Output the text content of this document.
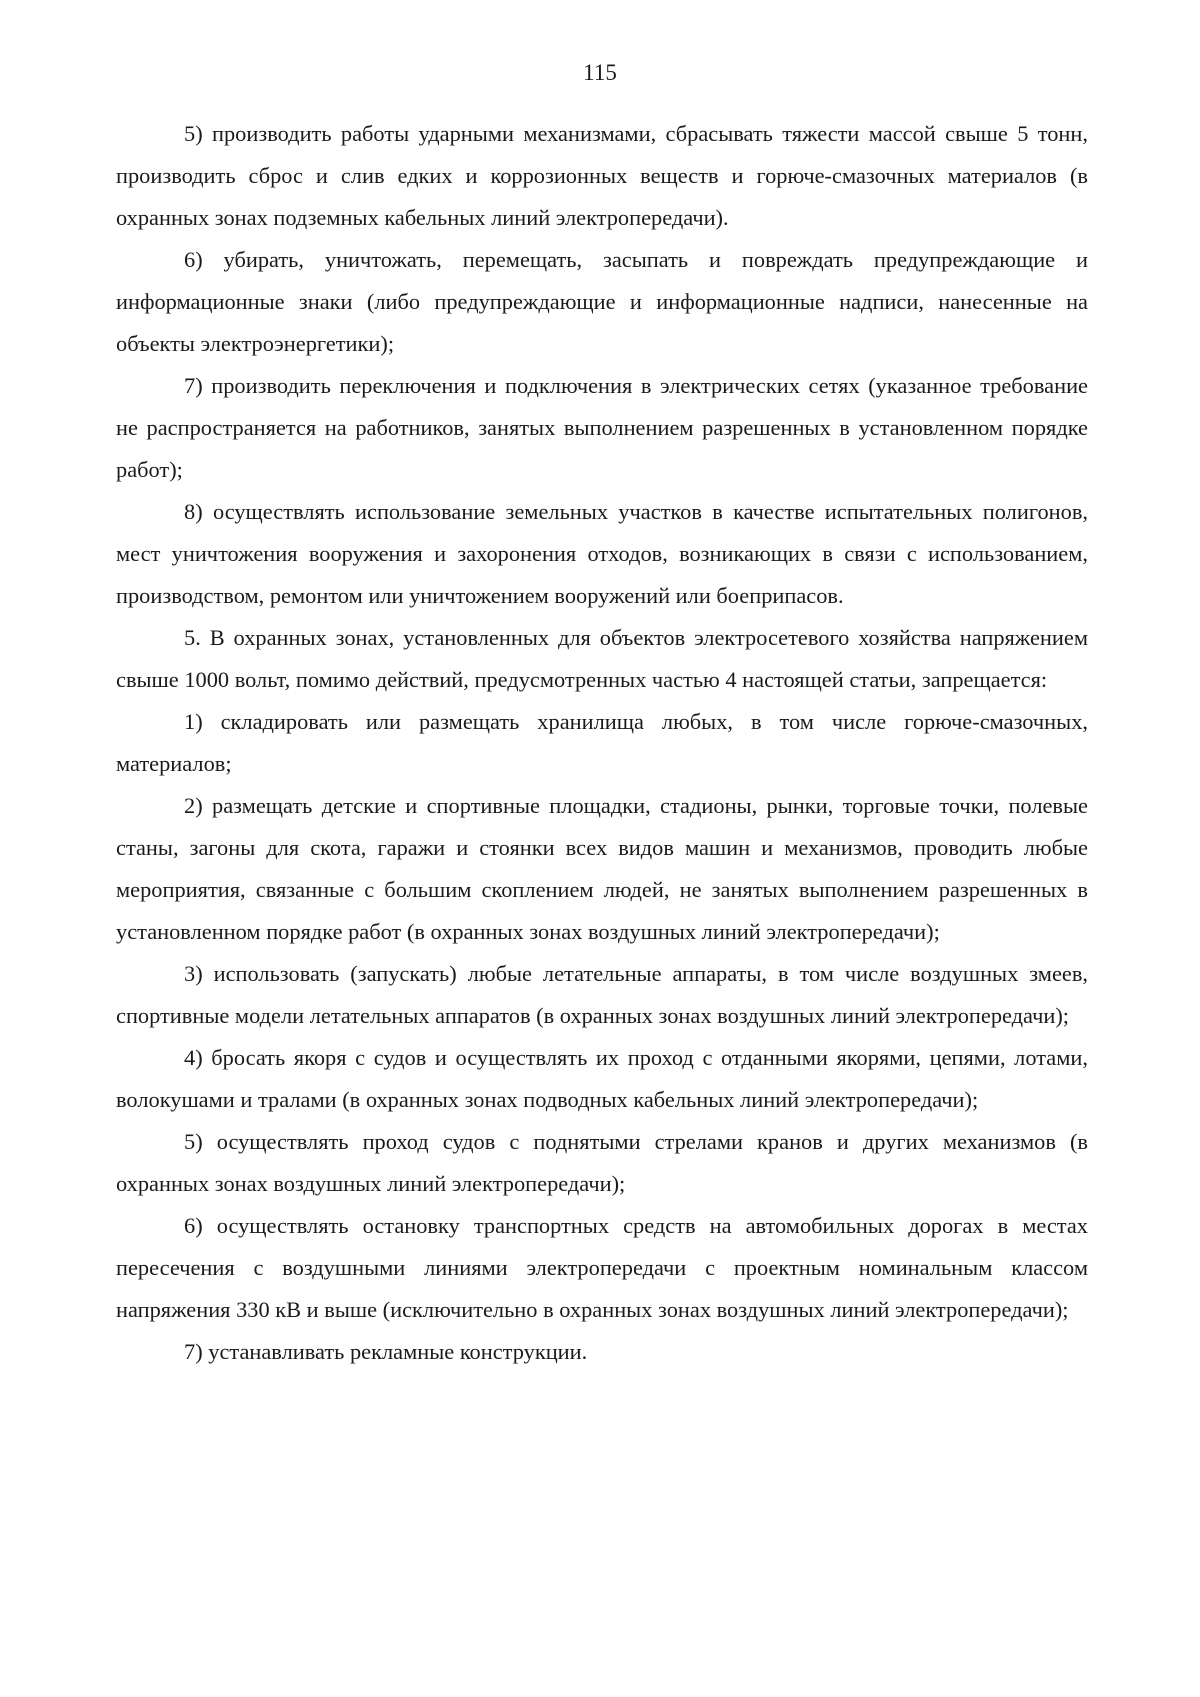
115

5) производить работы ударными механизмами, сбрасывать тяжести массой свыше 5 тонн, производить сброс и слив едких и коррозионных веществ и горюче-смазочных материалов (в охранных зонах подземных кабельных линий электропередачи).

6) убирать, уничтожать, перемещать, засыпать и повреждать предупреждающие и информационные знаки (либо предупреждающие и информационные надписи, нанесенные на объекты электроэнергетики);

7) производить переключения и подключения в электрических сетях (указанное требование не распространяется на работников, занятых выполнением разрешенных в установленном порядке работ);

8) осуществлять использование земельных участков в качестве испытательных полигонов, мест уничтожения вооружения и захоронения отходов, возникающих в связи с использованием, производством, ремонтом или уничтожением вооружений или боеприпасов.

5. В охранных зонах, установленных для объектов электросетевого хозяйства напряжением свыше 1000 вольт, помимо действий, предусмотренных частью 4 настоящей статьи, запрещается:

1) складировать или размещать хранилища любых, в том числе горюче-смазочных, материалов;

2) размещать детские и спортивные площадки, стадионы, рынки, торговые точки, полевые станы, загоны для скота, гаражи и стоянки всех видов машин и механизмов, проводить любые мероприятия, связанные с большим скоплением людей, не занятых выполнением разрешенных в установленном порядке работ (в охранных зонах воздушных линий электропередачи);

3) использовать (запускать) любые летательные аппараты, в том числе воздушных змеев, спортивные модели летательных аппаратов (в охранных зонах воздушных линий электропередачи);

4) бросать якоря с судов и осуществлять их проход с отданными якорями, цепями, лотами, волокушами и тралами (в охранных зонах подводных кабельных линий электропередачи);

5) осуществлять проход судов с поднятыми стрелами кранов и других механизмов (в охранных зонах воздушных линий электропередачи);

6) осуществлять остановку транспортных средств на автомобильных дорогах в местах пересечения с воздушными линиями электропередачи с проектным номинальным классом напряжения 330 кВ и выше (исключительно в охранных зонах воздушных линий электропередачи);

7) устанавливать рекламные конструкции.
